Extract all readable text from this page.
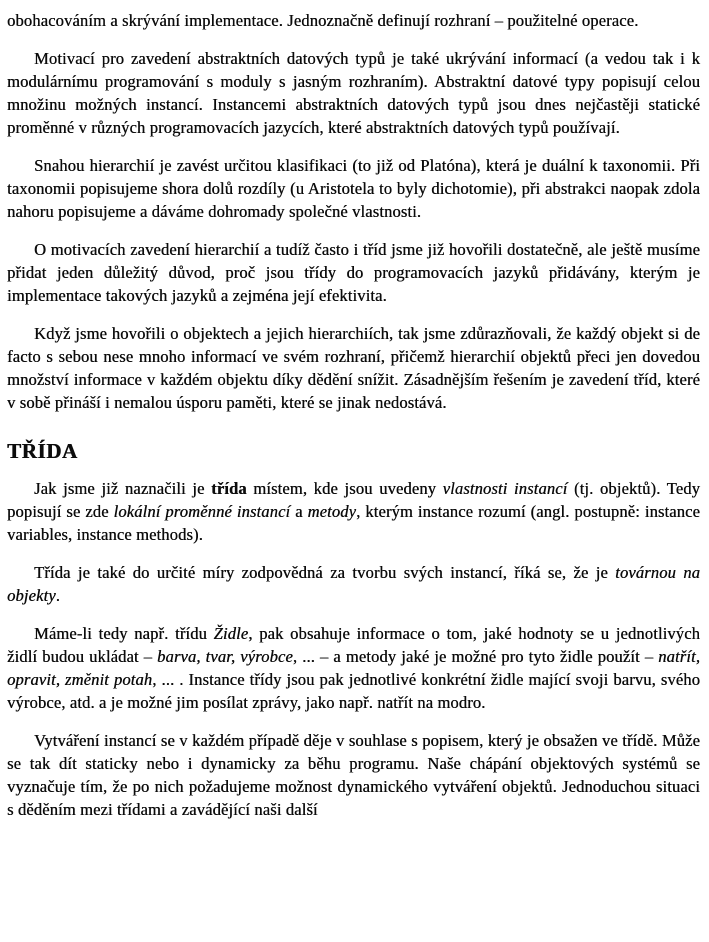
obohacováním a skrývání implementace. Jednoznačně definují rozhraní – použitelné operace.

Motivací pro zavedení abstraktních datových typů je také ukrývání informací (a vedou tak i k modulárnímu programování s moduly s jasným rozhraním). Abstraktní datové typy popisují celou množinu možných instancí. Instancemi abstraktních datových typů jsou dnes nejčastěji statické proměnné v různých programovacích jazycích, které abstraktních datových typů používají.

Snahou hierarchií je zavést určitou klasifikaci (to již od Platóna), která je duální k taxonomii. Při taxonomii popisujeme shora dolů rozdíly (u Aristotela to byly dichotomie), při abstrakci naopak zdola nahoru popisujeme a dáváme dohromady společné vlastnosti.

O motivacích zavedení hierarchií a tudíž často i tříd jsme již hovořili dostatečně, ale ještě musíme přidat jeden důležitý důvod, proč jsou třídy do programovacích jazyků přidávány, kterým je implementace takových jazyků a zejména její efektivita.

Když jsme hovořili o objektech a jejich hierarchiích, tak jsme zdůrazňovali, že každý objekt si de facto s sebou nese mnoho informací ve svém rozhraní, přičemž hierarchií objektů přeci jen dovedou množství informace v každém objektu díky dědění snížit. Zásadnějším řešením je zavedení tříd, které v sobě přináší i nemalou úsporu paměti, které se jinak nedostává.

TŘÍDA

Jak jsme již naznačili je třída místem, kde jsou uvedeny vlastnosti instancí (tj. objektů). Tedy popisují se zde lokální proměnné instancí a metody, kterým instance rozumí (angl. postupně: instance variables, instance methods).

Třída je také do určité míry zodpovědná za tvorbu svých instancí, říká se, že je továrnou na objekty.

Máme-li tedy např. třídu Židle, pak obsahuje informace o tom, jaké hodnoty se u jednotlivých židlí budou ukládat – barva, tvar, výrobce, ... – a metody jaké je možné pro tyto židle použít – natřít, opravit, změnit potah, ... . Instance třídy jsou pak jednotlivé konkrétní židle mající svoji barvu, svého výrobce, atd. a je možné jim posílat zprávy, jako např. natřít na modro.

Vytváření instancí se v každém případě děje v souhlase s popisem, který je obsažen ve třídě. Může se tak dít staticky nebo i dynamicky za běhu programu. Naše chápání objektových systémů se vyznačuje tím, že po nich požadujeme možnost dynamického vytváření objektů. Jednoduchou situaci s děděním mezi třídami a zavádějící naši další
